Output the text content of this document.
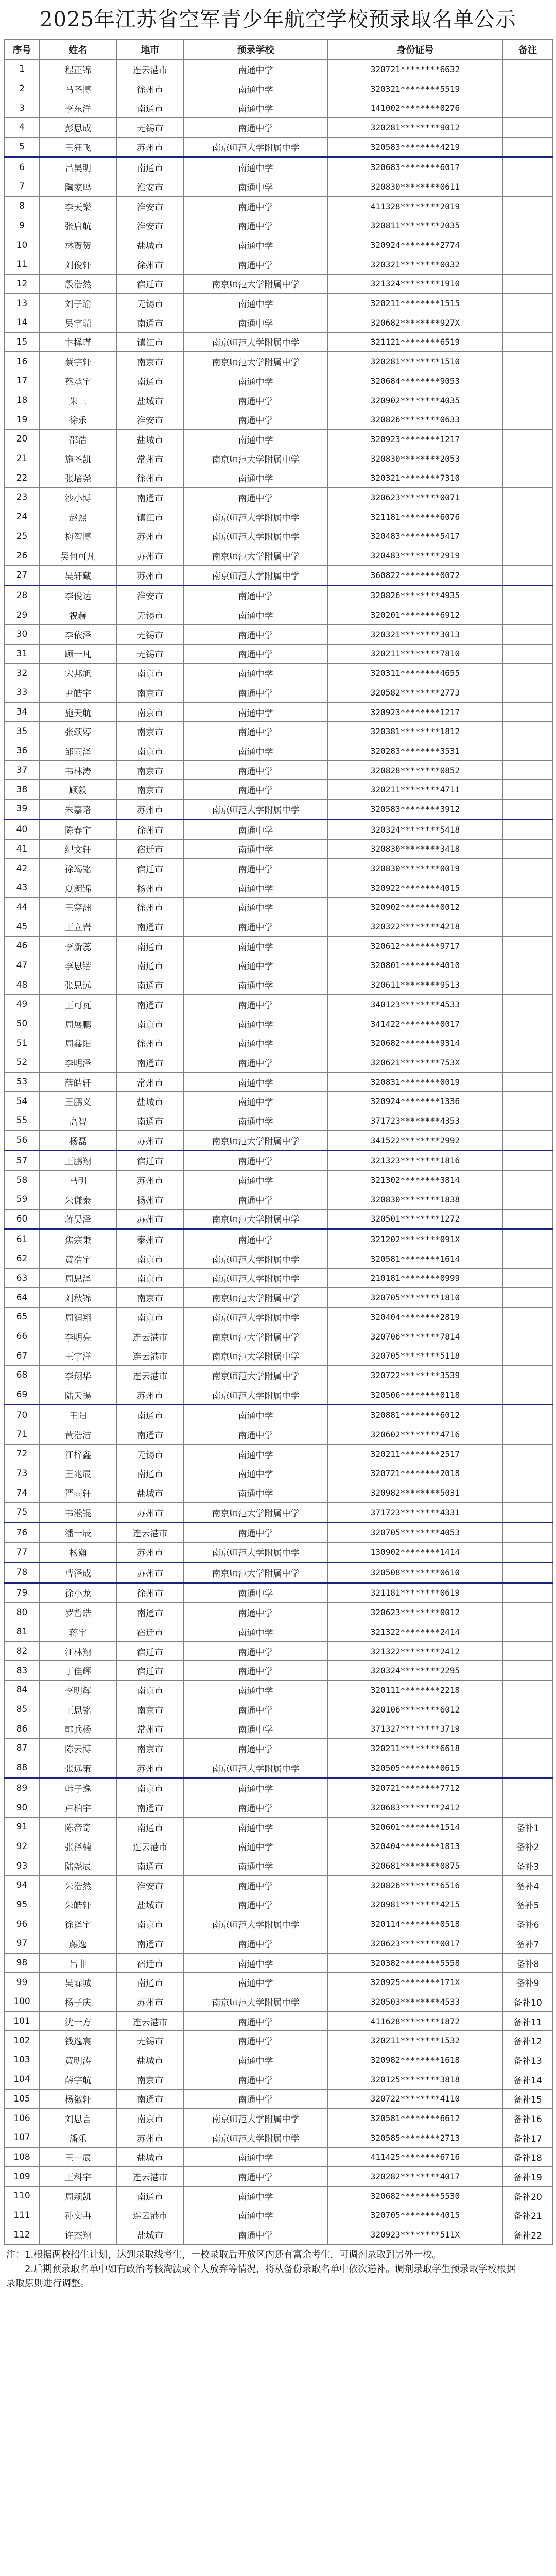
2025年江苏省空军青少年航空学校预录取名单公示
序号	姓名	地市	预录学校	身份证号	备注
1	程正锦	连云港市	南通中学	320721********6632	
2	马圣博	徐州市	南通中学	320321********5519	
3	李东洋	南通市	南通中学	141002********0276	
4	彭思成	无锡市	南通中学	320281********9012	
5	王狂飞	苏州市	南京师范大学附属中学	320583********4219	
6	吕昊明	南通市	南通中学	320683********6017	
7	陶家鸣	淮安市	南通中学	320830********0611	
8	李天樂	淮安市	南通中学	411328********2019	
9	张启航	淮安市	南通中学	320811********2035	
10	林贺贺	盐城市	南通中学	320924********2774	
11	刘俊轩	徐州市	南通中学	320321********0032	
12	殷浩然	宿迁市	南京师范大学附属中学	321324********1910	
13	刘子瑜	无锡市	南通中学	320211********1515	
14	吴宇瑞	南通市	南通中学	320682********927X	
15	卞择瑾	镇江市	南京师范大学附属中学	321121********6519	
16	蔡宇轩	南京市	南京师范大学附属中学	320281********1510	
17	蔡承宇	南通市	南通中学	320684********9053	
18	朱三	盐城市	南通中学	320902********4035	
19	徐乐	淮安市	南通中学	320826********0633	
20	邵浩	盐城市	南通中学	320923********1217	
21	施圣凯	常州市	南京师范大学附属中学	320830********2053	
22	张培尧	徐州市	南通中学	320321********7310	
23	沙小博	南通市	南通中学	320623********0071	
24	赵熙	镇江市	南京师范大学附属中学	321181********6076	
25	梅智博	苏州市	南京师范大学附属中学	320483********5417	
26	吴何可凡	苏州市	南京师范大学附属中学	320483********2919	
27	吴轩藏	苏州市	南京师范大学附属中学	360822********0072	
28	李俊达	淮安市	南通中学	320826********4935	
29	祝赫	无锡市	南通中学	320201********6912	
30	李依泽	无锡市	南通中学	320321********3013	
31	顾一凡	无锡市	南通中学	320211********7810	
32	宋邦旭	南京市	南通中学	320311********4655	
33	尹皓宇	南京市	南通中学	320582********2773	
34	施天航	南京市	南通中学	320923********1217	
35	张颂婷	南京市	南通中学	320381********1812	
36	邹雨泽	南京市	南通中学	320283********3531	
37	韦林涛	南京市	南通中学	320828********0852	
38	顾毅	南京市	南通中学	320211********4711	
39	朱嘉珞	苏州市	南京师范大学附属中学	320583********3912	
40	陈春宇	徐州市	南通中学	320324********5418	
41	纪文轩	宿迁市	南通中学	320830********3418	
42	徐竭铭	宿迁市	南通中学	320830********0019	
43	夏朗锦	扬州市	南通中学	320922********4015	
44	王穿洲	徐州市	南通中学	320902********0012	
45	王立岩	南通市	南通中学	320322********4218	
46	李新蕊	南通市	南通中学	320612********9717	
47	李思锴	南通市	南通中学	320801********4010	
48	张思远	南通市	南通中学	320611********9513	
49	王可瓦	南通市	南通中学	340123********4533	
50	周展鹏	南京市	南通中学	341422********0017	
51	周鑫阳	徐州市	南通中学	320682********9314	
52	李明泽	南通市	南通中学	320621********753X	
53	薛皓轩	常州市	南通中学	320831********0019	
54	王鹏义	盐城市	南通中学	320924********1336	
55	高智	南通市	南通中学	371723********4353	
56	杨磊	苏州市	南京师范大学附属中学	341522********2992	
57	王鹏翔	宿迁市	南通中学	321323********1816	
58	马明	苏州市	南通中学	321302********3814	
59	朱谦泰	扬州市	南通中学	320830********1838	
60	蒋昊泽	苏州市	南京师范大学附属中学	320501********1272	
61	焦宗秉	泰州市	南通中学	321202********091X	
62	黄浩宇	南京市	南京师范大学附属中学	320581********1614	
63	周思泽	南京市	南京师范大学附属中学	210181********0999	
64	刘秋锦	南京市	南京师范大学附属中学	320705********1810	
65	周润翔	南京市	南京师范大学附属中学	320404********2819	
66	李明亮	连云港市	南京师范大学附属中学	320706********7814	
67	王宇洋	连云港市	南京师范大学附属中学	320705********5118	
68	李翔华	连云港市	南京师范大学附属中学	320722********3539	
69	陆天揚	苏州市	南京师范大学附属中学	320506********0118	
70	王阳	南通市	南通中学	320881********6012	
71	黄浩洁	南通市	南通中学	320602********4716	
72	江梓鑫	无锡市	南通中学	320211********2517	
73	王兆辰	南通市	南通中学	320721********2018	
74	严雨轩	盐城市	南通中学	320982********5031	
75	韦淞锟	苏州市	南京师范大学附属中学	371723********4331	
76	潘一辰	连云港市	南通中学	320705********4053	
77	杨瀚	苏州市	南京师范大学附属中学	130902********1414	
78	曹泽成	苏州市	南京师范大学附属中学	320508********0610	
79	徐小龙	徐州市	南通中学	321181********0619	
80	罗哲皓	南通市	南通中学	320623********0012	
81	蒋宇	宿迁市	南通中学	321322********2414	
82	江林翔	宿迁市	南通中学	321322********2412	
83	丁佳辉	宿迁市	南通中学	320324********2295	
84	李明辉	南京市	南通中学	320111********2218	
85	王思铭	南京市	南通中学	320106********6012	
86	韩兵杨	常州市	南通中学	371327********3719	
87	陈云博	南京市	南通中学	320211********6618	
88	张远策	苏州市	南京师范大学附属中学	320505********0615	
89	韩子逸	南京市	南通中学	320721********7712	
90	卢柏宇	南通市	南通中学	320683********2412	
91	陈帝奇	南通市	南通中学	320601********1514	备补1
92	张泽楠	连云港市	南通中学	320404********1813	备补2
93	陆尧辰	南通市	南通中学	320681********0875	备补3
94	朱浩然	淮安市	南通中学	320826********6516	备补4
95	朱皓轩	盐城市	南通中学	320981********4215	备补5
96	徐泽宇	南京市	南京师范大学附属中学	320114********0518	备补6
97	藤逸	南通市	南通中学	320623********0017	备补7
98	吕非	宿迁市	南通中学	320382********5558	备补8
99	吴霖城	南通市	南通中学	320925********171X	备补9
100	杨子庆	苏州市	南京师范大学附属中学	320503********4533	备补10
101	沈一方	连云港市	南通中学	411628********1872	备补11
102	钱逸宸	无锡市	南通中学	320211********1532	备补12
103	黄明涛	盐城市	南通中学	320982********1618	备补13
104	薛宇航	南京市	南通中学	320125********3818	备补14
105	杨徽轩	南通市	南通中学	320722********4110	备补15
106	刘思言	南京市	南京师范大学附属中学	320581********6612	备补16
107	潘乐	苏州市	南京师范大学附属中学	320585********2713	备补17
108	王一辰	盐城市	南通中学	411425********6716	备补18
109	王科宇	连云港市	南通中学	320282********4017	备补19
110	周颖凯	南通市	南通中学	320682********5530	备补20
111	孙奕冉	连云港市	南通中学	320705********4015	备补21
112	许杰翔	盐城市	南通中学	320923********511X	备补22
注：1.根据两校招生计划，达到录取线考生，一校录取后开放区内还有富余考生，可调剂录取到另外一校。
　　2.后期预录取名单中如有政治考核淘汰或个人放弃等情况，将从备份录取名单中依次递补。调剂录取学生预录取学校根据
录取原则进行调整。
